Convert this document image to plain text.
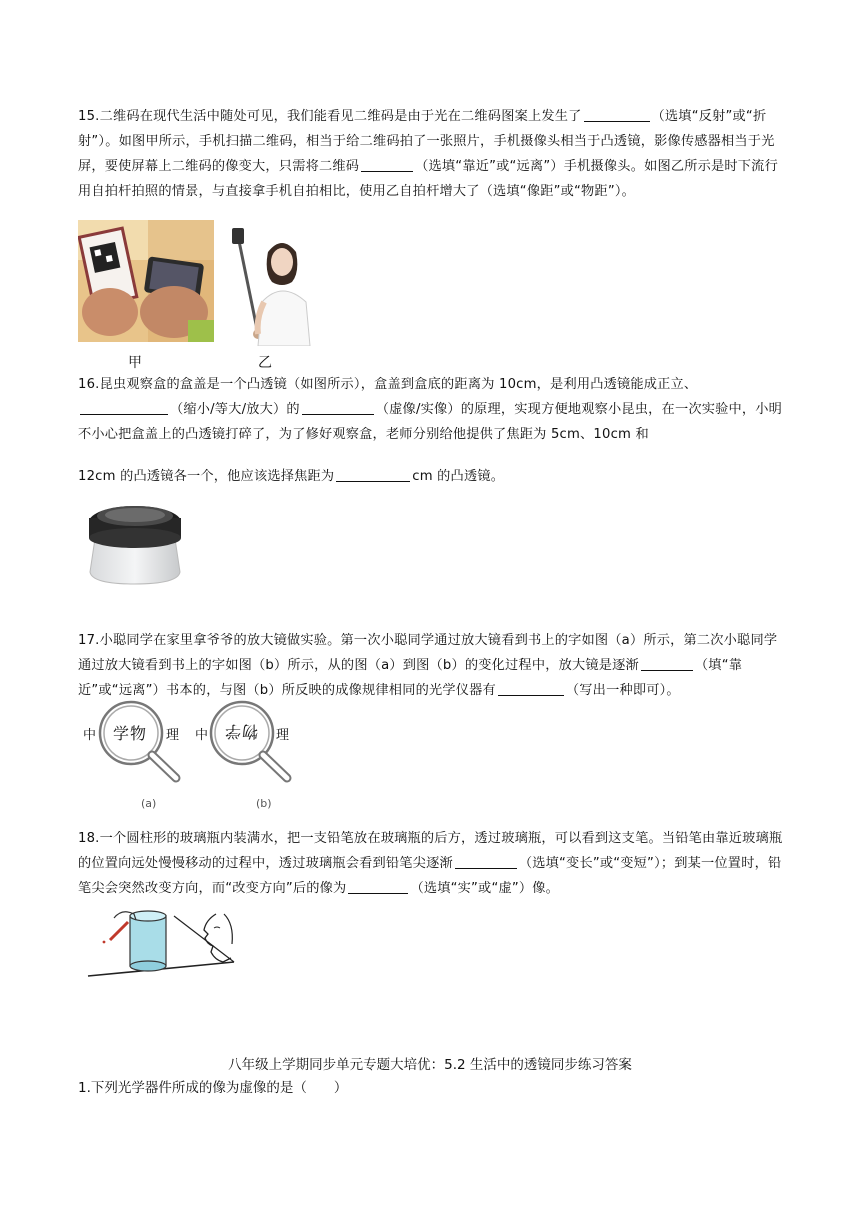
15.二维码在现代生活中随处可见，我们能看见二维码是由于光在二维码图案上发生了	（选填“反射”或“折射”）。如图甲所示，手机扫描二维码，相当于给二维码拍了一张照片，手机摄像头相当于凸透镜，影像传感器相当于光屏，要使屏幕上二维码的像变大，只需将二维码	（选填“靠近”或“远离”）手机摄像头。如图乙所示是时下流行用自拍杆拍照的情景，与直接拿手机自拍相比，使用乙自拍杆增大了（选填“像距”或“物距”）。
甲	乙
16.昆虫观察盒的盒盖是一个凸透镜（如图所示），盒盖到盒底的距离为 10cm，是利用凸透镜能成正立、（缩小/等大/放大）的	（虚像/实像）的原理，实现方便地观察小昆虫，在一次实验中，小明不小心把盒盖上的凸透镜打碎了，为了修好观察盒，老师分别给他提供了焦距为 5cm、10cm 和
12cm 的凸透镜各一个，他应该选择焦距为	cm 的凸透镜。
17.小聪同学在家里拿爷爷的放大镜做实验。第一次小聪同学通过放大镜看到书上的字如图（a）所示，第二次小聪同学通过放大镜看到书上的字如图（b）所示，从的图（a）到图（b）的变化过程中，放大镜是逐渐	（填“靠近”或“远离”）书本的，与图（b）所反映的成像规律相同的光学仪器有	（写出一种即可）。
中 学物 理
(a)
中 物学 理
(b)
18.一个圆柱形的玻璃瓶内装满水，把一支铅笔放在玻璃瓶的后方，透过玻璃瓶，可以看到这支笔。当铅笔由靠近玻璃瓶的位置向远处慢慢移动的过程中，透过玻璃瓶会看到铅笔尖逐渐	（选填“变长”或“变短”）；到某一位置时，铅笔尖会突然改变方向，而“改变方向”后的像为	（选填“实”或“虚”）像。
八年级上学期同步单元专题大培优：5.2 生活中的透镜同步练习答案
1.下列光学器件所成的像为虚像的是（　　）
